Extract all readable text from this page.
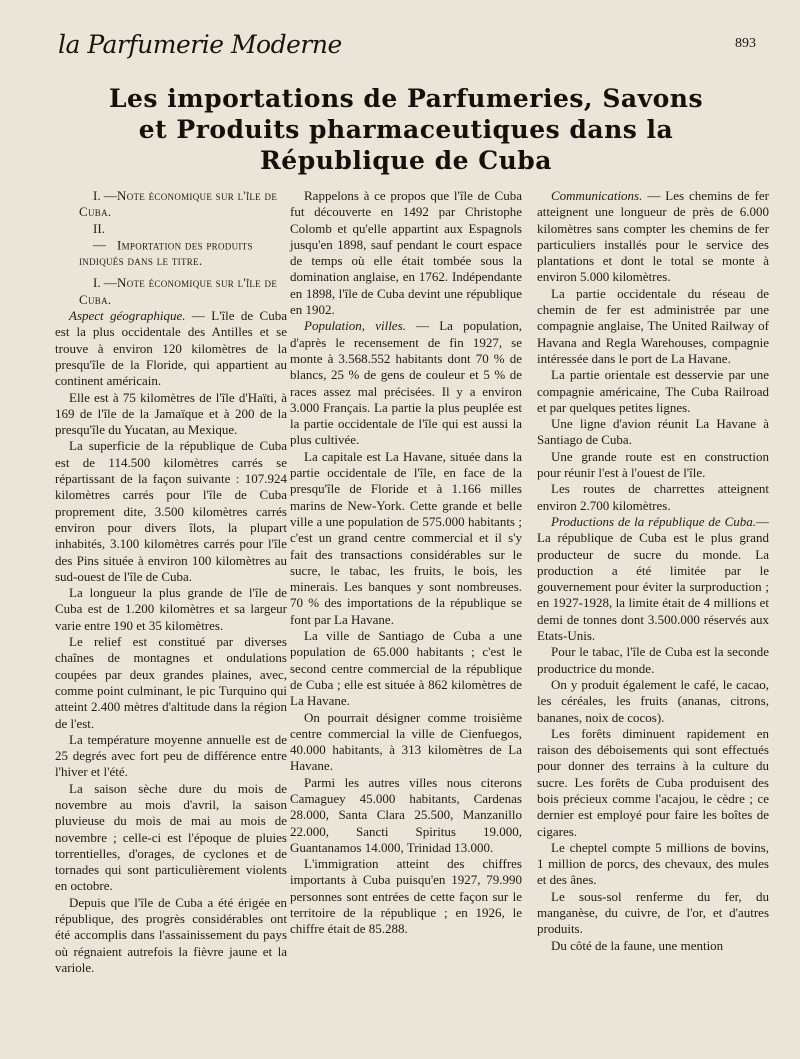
la Parfumerie Moderne	893
Les importations de Parfumeries, Savons
et Produits pharmaceutiques dans la
République de Cuba

I. —Note économique sur l'île de Cuba.

II. — Importation des produits indiqués dans le titre.

I. —Note économique sur l'île de Cuba.

Aspect géographique. — L'île de Cuba est la plus occidentale des Antilles et se trouve à environ 120 kilomètres de la presqu'île de la Floride, qui appartient au continent américain.

Elle est à 75 kilomètres de l'île d'Haïti, à 169 de l'île de la Jamaïque et à 200 de la presqu'île du Yucatan, au Mexique.

La superficie de la république de Cuba est de 114.500 kilomètres carrés se répartissant de la façon suivante : 107.924 kilomètres carrés pour l'île de Cuba proprement dite, 3.500 kilomètres carrés environ pour divers îlots, la plupart inhabités, 3.100 kilomètres carrés pour l'île des Pins située à environ 100 kilomètres au sud-ouest de l'île de Cuba.

La longueur la plus grande de l'île de Cuba est de 1.200 kilomètres et sa largeur varie entre 190 et 35 kilomètres.

Le relief est constitué par diverses chaînes de montagnes et ondulations coupées par deux grandes plaines, avec, comme point culminant, le pic Turquino qui atteint 2.400 mètres d'altitude dans la région de l'est.

La température moyenne annuelle est de 25 degrés avec fort peu de différence entre l'hiver et l'été.

La saison sèche dure du mois de novembre au mois d'avril, la saison pluvieuse du mois de mai au mois de novembre ; celle-ci est l'époque de pluies torrentielles, d'orages, de cyclones et de tornades qui sont particulièrement violents en octobre.

Depuis que l'île de Cuba a été érigée en république, des progrès considérables ont été accomplis dans l'assainissement du pays où régnaient autrefois la fièvre jaune et la variole.

Rappelons à ce propos que l'île de Cuba fut découverte en 1492 par Christophe Colomb et qu'elle appartint aux Espagnols jusqu'en 1898, sauf pendant le court espace de temps où elle était tombée sous la domination anglaise, en 1762. Indépendante en 1898, l'île de Cuba devint une république en 1902.

Population, villes. — La population, d'après le recensement de fin 1927, se monte à 3.568.552 habitants dont 70 % de blancs, 25 % de gens de couleur et 5 % de races assez mal précisées. Il y a environ 3.000 Français. La partie la plus peuplée est la partie occidentale de l'île qui est aussi la plus cultivée.

La capitale est La Havane, située dans la partie occidentale de l'île, en face de la presqu'île de Floride et à 1.166 milles marins de New-York. Cette grande et belle ville a une population de 575.000 habitants ; c'est un grand centre commercial et il s'y fait des transactions considérables sur le sucre, le tabac, les fruits, le bois, les minerais. Les banques y sont nombreuses. 70 % des importations de la république se font par La Havane.

La ville de Santiago de Cuba a une population de 65.000 habitants ; c'est le second centre commercial de la république de Cuba ; elle est située à 862 kilomètres de La Havane.

On pourrait désigner comme troisième centre commercial la ville de Cienfuegos, 40.000 habitants, à 313 kilomètres de La Havane.

Parmi les autres villes nous citerons Camaguey 45.000 habitants, Cardenas 28.000, Santa Clara 25.500, Manzanillo 22.000, Sancti Spiritus 19.000, Guantanamos 14.000, Trinidad 13.000.

L'immigration atteint des chiffres importants à Cuba puisqu'en 1927, 79.990 personnes sont entrées de cette façon sur le territoire de la république ; en 1926, le chiffre était de 85.288.

Communications. — Les chemins de fer atteignent une longueur de près de 6.000 kilomètres sans compter les chemins de fer particuliers installés pour le service des plantations et dont le total se monte à environ 5.000 kilomètres.

La partie occidentale du réseau de chemin de fer est administrée par une compagnie anglaise, The United Railway of Havana and Regla Warehouses, compagnie intéressée dans le port de La Havane.

La partie orientale est desservie par une compagnie américaine, The Cuba Railroad et par quelques petites lignes.

Une ligne d'avion réunit La Havane à Santiago de Cuba.

Une grande route est en construction pour réunir l'est à l'ouest de l'île.

Les routes de charrettes atteignent environ 2.700 kilomètres.

Productions de la république de Cuba.— La république de Cuba est le plus grand producteur de sucre du monde. La production a été limitée par le gouvernement pour éviter la surproduction ; en 1927-1928, la limite était de 4 millions et demi de tonnes dont 3.500.000 réservés aux Etats-Unis.

Pour le tabac, l'île de Cuba est la seconde productrice du monde.

On y produit également le café, le cacao, les céréales, les fruits (ananas, citrons, bananes, noix de cocos).

Les forêts diminuent rapidement en raison des déboisements qui sont effectués pour donner des terrains à la culture du sucre. Les forêts de Cuba produisent des bois précieux comme l'acajou, le cèdre ; ce dernier est employé pour faire les boîtes de cigares.

Le cheptel compte 5 millions de bovins, 1 million de porcs, des chevaux, des mules et des ânes.

Le sous-sol renferme du fer, du manganèse, du cuivre, de l'or, et d'autres produits.

Du côté de la faune, une mention
